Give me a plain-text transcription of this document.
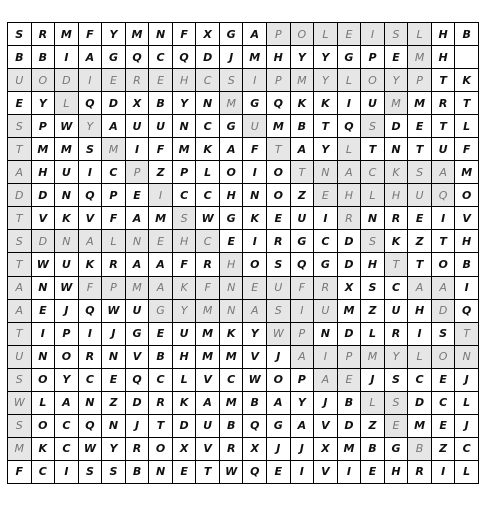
S	R	M	F	Y	M	N	F	X	G	A	P	O	L	E	I	S	L	H	B
B	B	I	A	G	Q	C	Q	D	J	M	H	Y	Y	G	P	E	M	H	
U	O	D	I	E	R	E	H	C	S	I	P	M	Y	L	O	Y	P	T	K
E	Y	L	Q	D	X	B	Y	N	M	G	Q	K	K	I	U	M	M	R	T
S	P	W	Y	A	U	U	N	C	G	U	M	B	T	Q	S	D	E	T	L
T	M	M	S	M	I	F	M	K	A	F	T	A	Y	L	T	N	T	U	F
A	H	U	I	C	P	Z	P	L	O	I	O	T	N	A	C	K	S	A	M
D	D	N	Q	P	E	I	C	C	H	N	O	Z	E	H	L	H	U	Q	O
T	V	K	V	F	A	M	S	W	G	K	E	U	I	R	N	R	E	I	V
S	D	N	A	L	N	E	H	C	E	I	R	G	C	D	S	K	Z	T	H
T	W	U	K	R	A	A	F	R	H	O	S	Q	G	D	H	T	T	O	B
A	N	W	F	P	M	A	K	F	N	E	U	F	R	X	S	C	A	A	I
A	E	J	Q	W	U	G	Y	M	N	A	S	I	U	M	Z	U	H	D	Q
T	I	P	I	J	G	E	U	M	K	Y	W	P	N	D	L	R	I	S	T
U	N	O	R	N	V	B	H	M	M	V	J	A	I	P	M	Y	L	O	N
S	O	Y	C	E	Q	C	L	V	C	W	O	P	A	E	J	S	C	E	J
W	L	A	N	Z	D	R	K	A	M	B	A	Y	J	B	L	S	D	C	L
S	O	C	Q	N	J	T	D	U	B	Q	G	A	V	D	Z	E	M	E	J
M	K	C	W	Y	R	O	X	V	R	X	J	J	X	M	B	G	B	Z	C
F	C	I	S	S	B	N	E	T	W	Q	E	I	V	I	E	H	R	I	L
